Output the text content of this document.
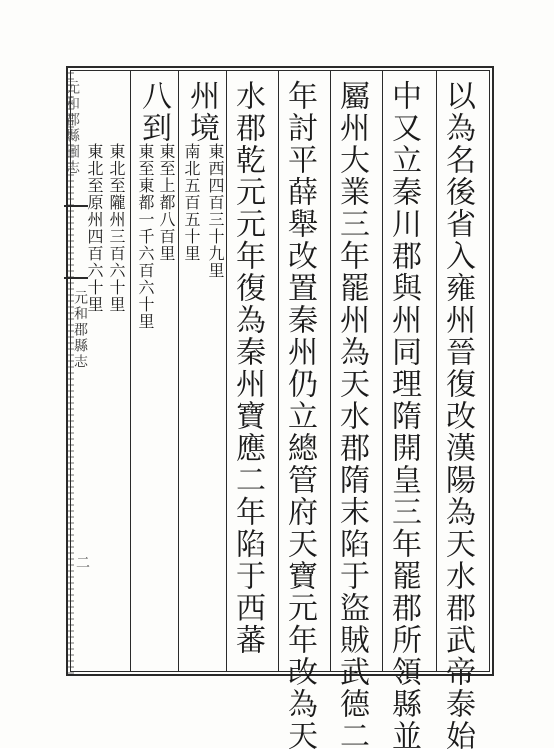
元和郡縣圖志
元和郡縣志
二	以為名後省入雍州晉復改漢陽為天水郡武帝泰始
中又立秦川郡與州同理隋開皇三年罷郡所領縣並
屬州大業三年罷州為天水郡隋末陷于盜賊武德二
年討平薛舉改置秦州仍立總管府天寶元年改為天
水郡乾元元年復為秦州寶應二年陷于西蕃
州境
東西四百三十九里
南北五百五十里
八到
東至上都八百里
東至東都一千六百六十里
東北至隴州三百六十里
東北至原州四百六十里
